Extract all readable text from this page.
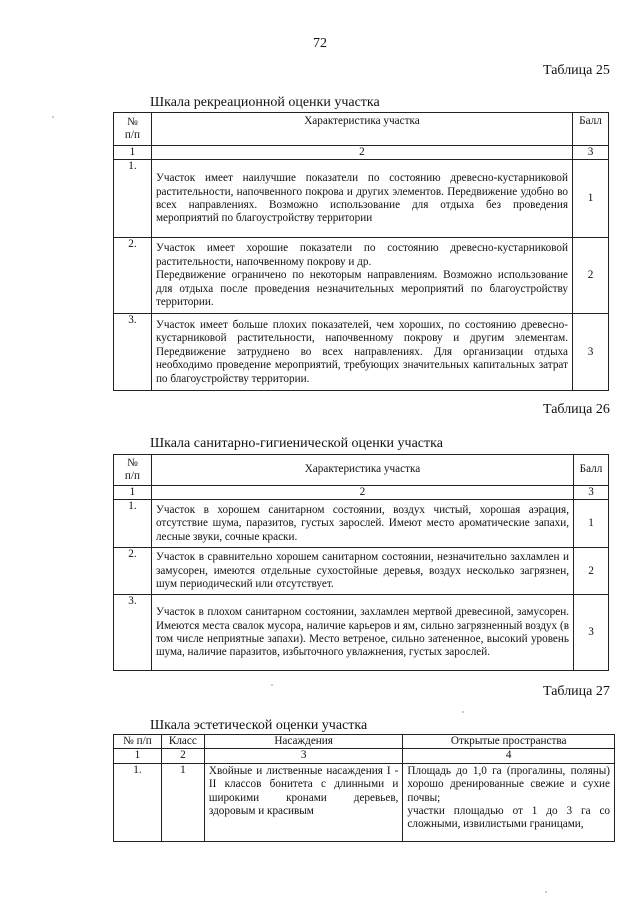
72
Таблица 25
Шкала рекреационной оценки участка
№
п/п	Характеристика участка	Балл
1	2	3
1.	Участок имеет наилучшие показатели по состоянию древесно-кустарниковой растительности, напочвенного покрова и других элементов. Передвижение удобно во всех направлениях. Возможно использование для отдыха без проведения мероприятий по благоустройству территории	1
2.	Участок имеет хорошие показатели по состоянию древесно-кустарниковой растительности, напочвенному покрову и др.
Передвижение ограничено по некоторым направлениям. Возможно использование для отдыха после проведения незначительных мероприятий по благоустройству территории.	2
3.	Участок имеет больше плохих показателей, чем хороших, по состоянию древесно-кустарниковой растительности, напочвенному покрову и другим элементам. Передвижение затруднено во всех направлениях. Для организации отдыха необходимо проведение мероприятий, требующих значительных капитальных затрат по благоустройству территории.	3
Таблица 26
Шкала санитарно-гигиенической оценки участка
№
п/п	Характеристика участка	Балл
1	2	3
1.	Участок в хорошем санитарном состоянии, воздух чистый, хорошая аэрация, отсутствие шума, паразитов, густых зарослей. Имеют место ароматические запахи, лесные звуки, сочные краски.	1
2.	Участок в сравнительно хорошем санитарном состоянии, незначительно захламлен и замусорен, имеются отдельные сухостойные деревья, воздух несколько загрязнен, шум периодический или отсутствует.	2
3.	Участок в плохом санитарном состоянии, захламлен мертвой древесиной, замусорен. Имеются места свалок мусора, наличие карьеров и ям, сильно загрязненный воздух (в том числе неприятные запахи). Место ветреное, сильно затененное, высокий уровень шума, наличие паразитов, избыточного увлажнения, густых зарослей.	3
Таблица 27
Шкала эстетической оценки участка
№ п/п	Класс	Насаждения	Открытые пространства
1	2	3	4
1.	1	Хвойные и лиственные насаждения I - II классов бонитета с длинными и широкими кронами деревьев, здоровым и красивым	Площадь до 1,0 га (прогалины, поляны) хорошо дренированные свежие и сухие почвы;
участки площадью от 1 до 3 га со сложными, извилистыми границами,
